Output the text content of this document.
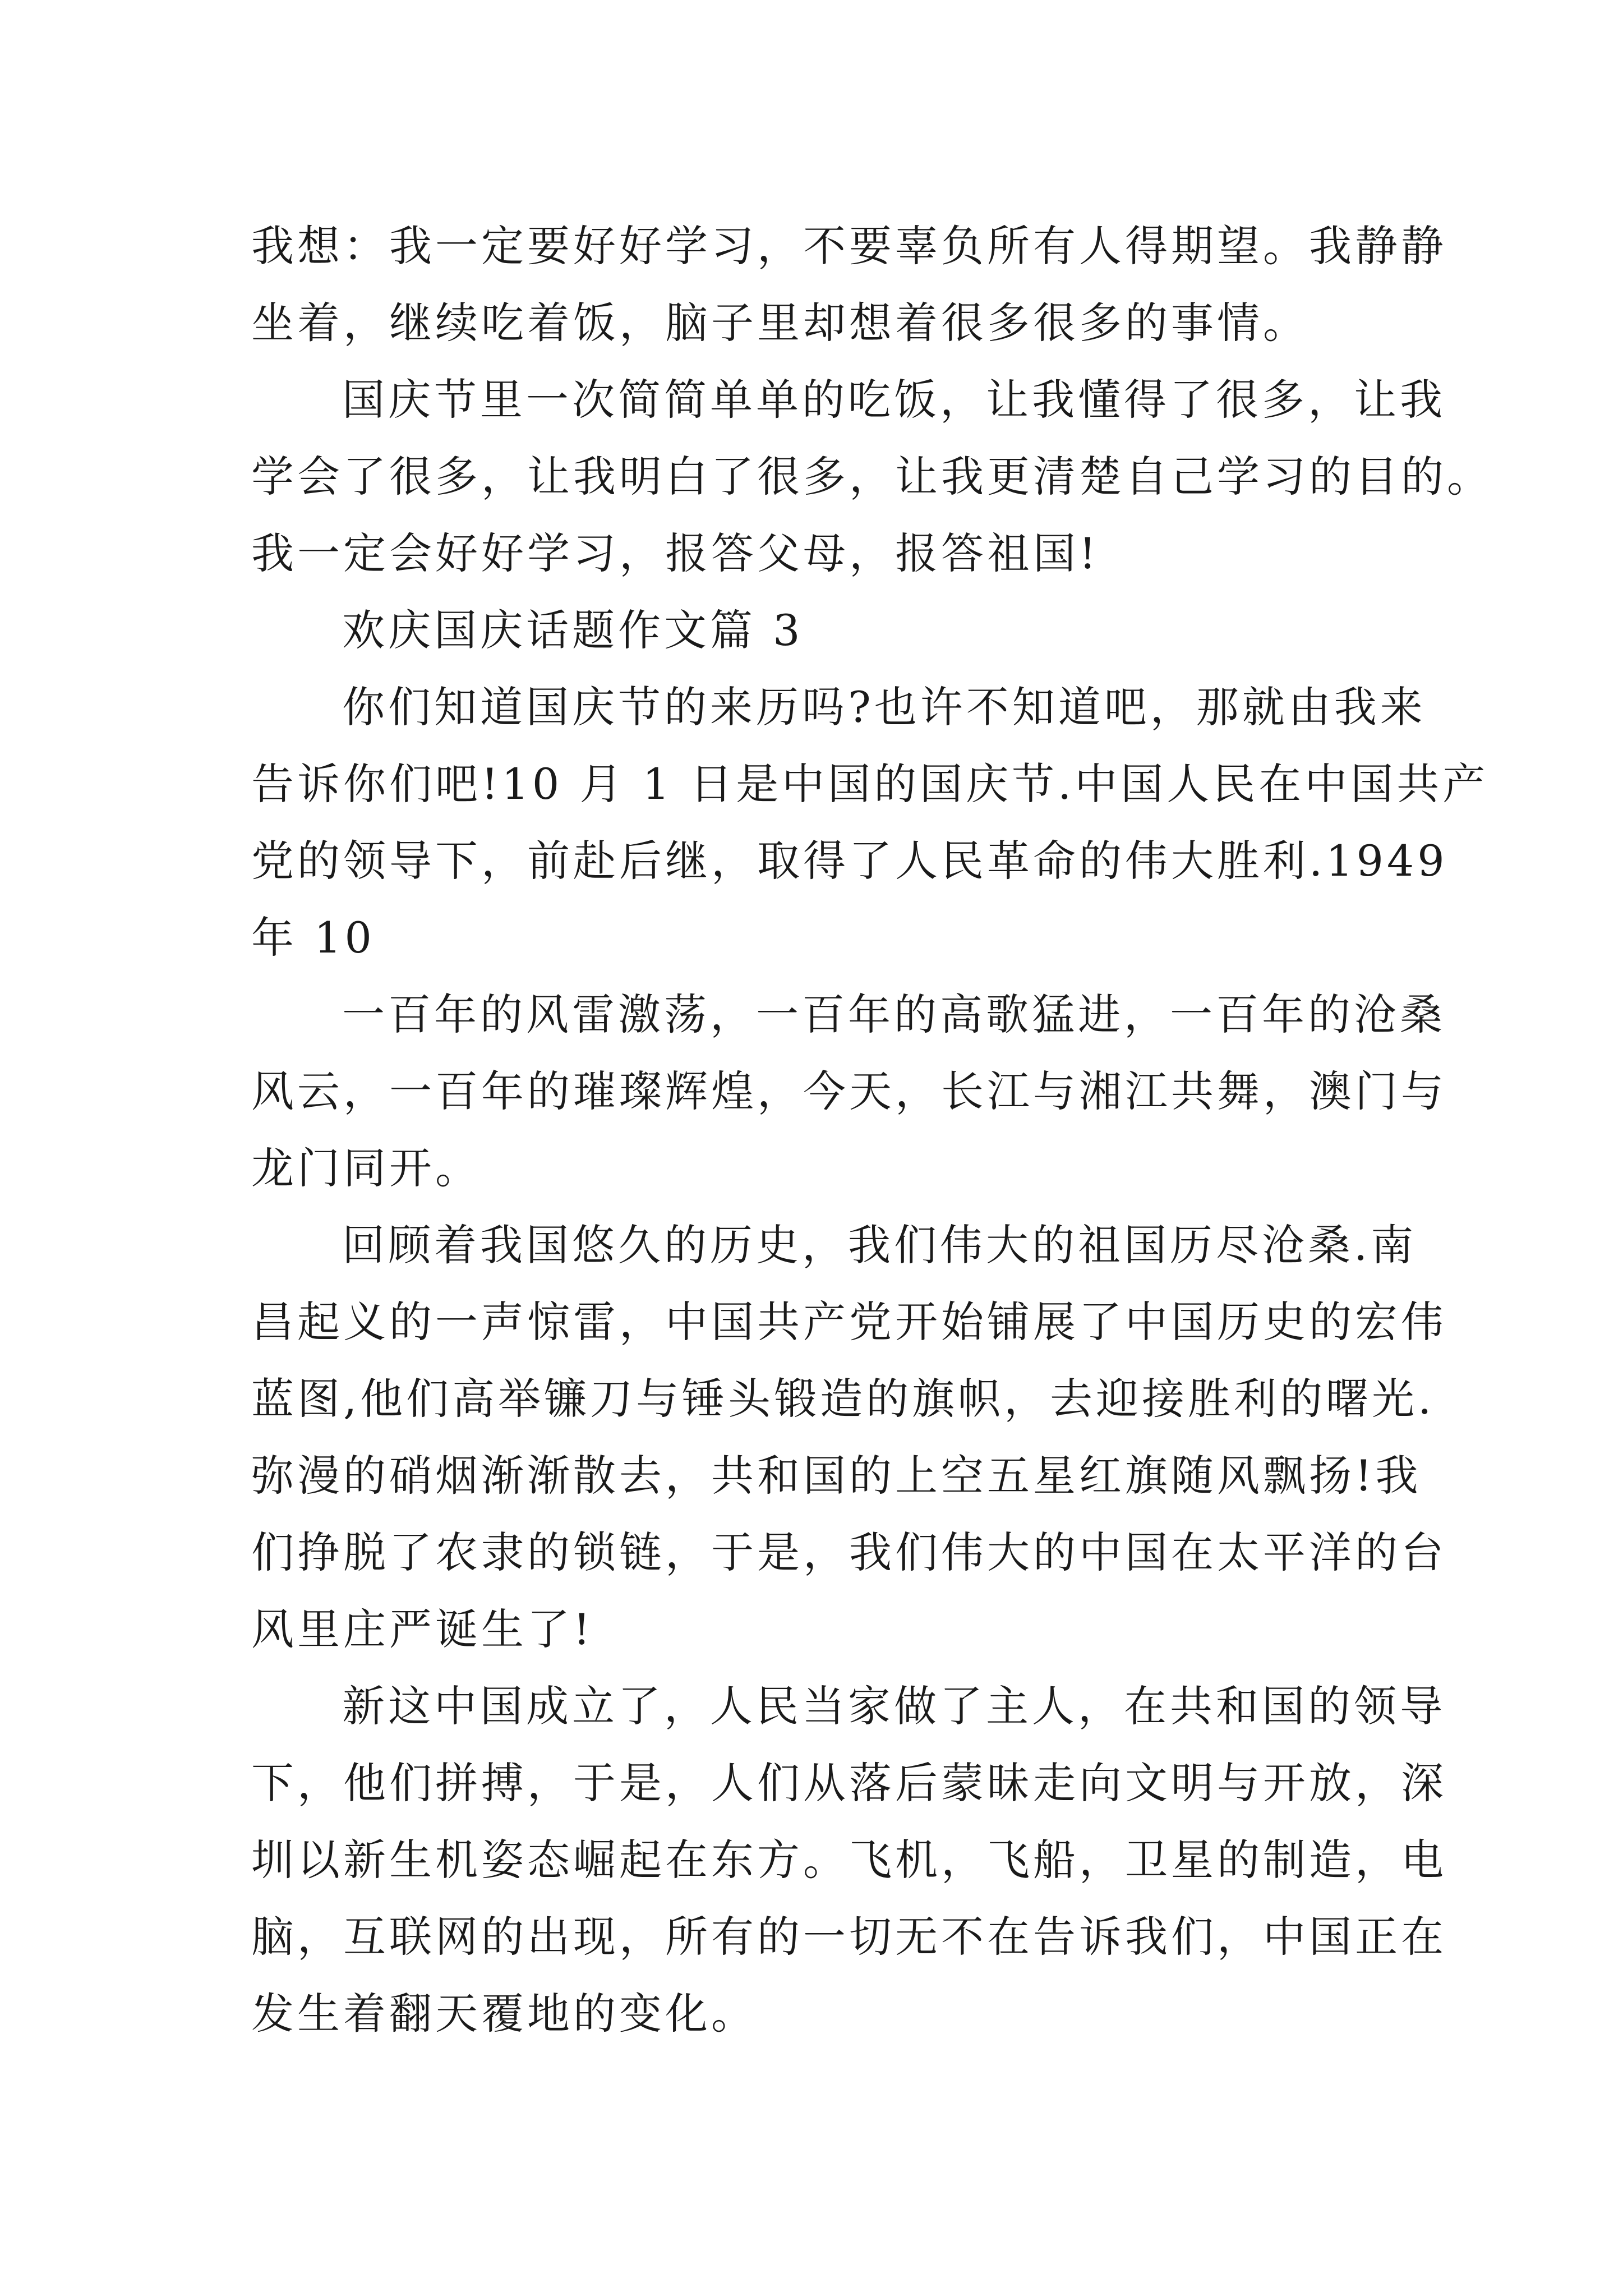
我想：我一定要好好学习，不要辜负所有人得期望。我静静
坐着，继续吃着饭，脑子里却想着很多很多的事情。
国庆节里一次简简单单的吃饭，让我懂得了很多，让我
学会了很多，让我明白了很多，让我更清楚自己学习的目的。
我一定会好好学习，报答父母，报答祖国!
欢庆国庆话题作文篇 3
你们知道国庆节的来历吗?也许不知道吧，那就由我来
告诉你们吧!10 月 1 日是中国的国庆节.中国人民在中国共产
党的领导下，前赴后继，取得了人民革命的伟大胜利.1949
年 10
一百年的风雷激荡，一百年的高歌猛进，一百年的沧桑
风云，一百年的璀璨辉煌，今天，长江与湘江共舞，澳门与
龙门同开。
回顾着我国悠久的历史，我们伟大的祖国历尽沧桑.南
昌起义的一声惊雷，中国共产党开始铺展了中国历史的宏伟
蓝图,他们高举镰刀与锤头锻造的旗帜，去迎接胜利的曙光.
弥漫的硝烟渐渐散去，共和国的上空五星红旗随风飘扬!我
们挣脱了农隶的锁链，于是，我们伟大的中国在太平洋的台
风里庄严诞生了!
新这中国成立了，人民当家做了主人，在共和国的领导
下，他们拼搏，于是，人们从落后蒙昧走向文明与开放，深
圳以新生机姿态崛起在东方。飞机，飞船，卫星的制造，电
脑，互联网的出现，所有的一切无不在告诉我们，中国正在
发生着翻天覆地的变化。
